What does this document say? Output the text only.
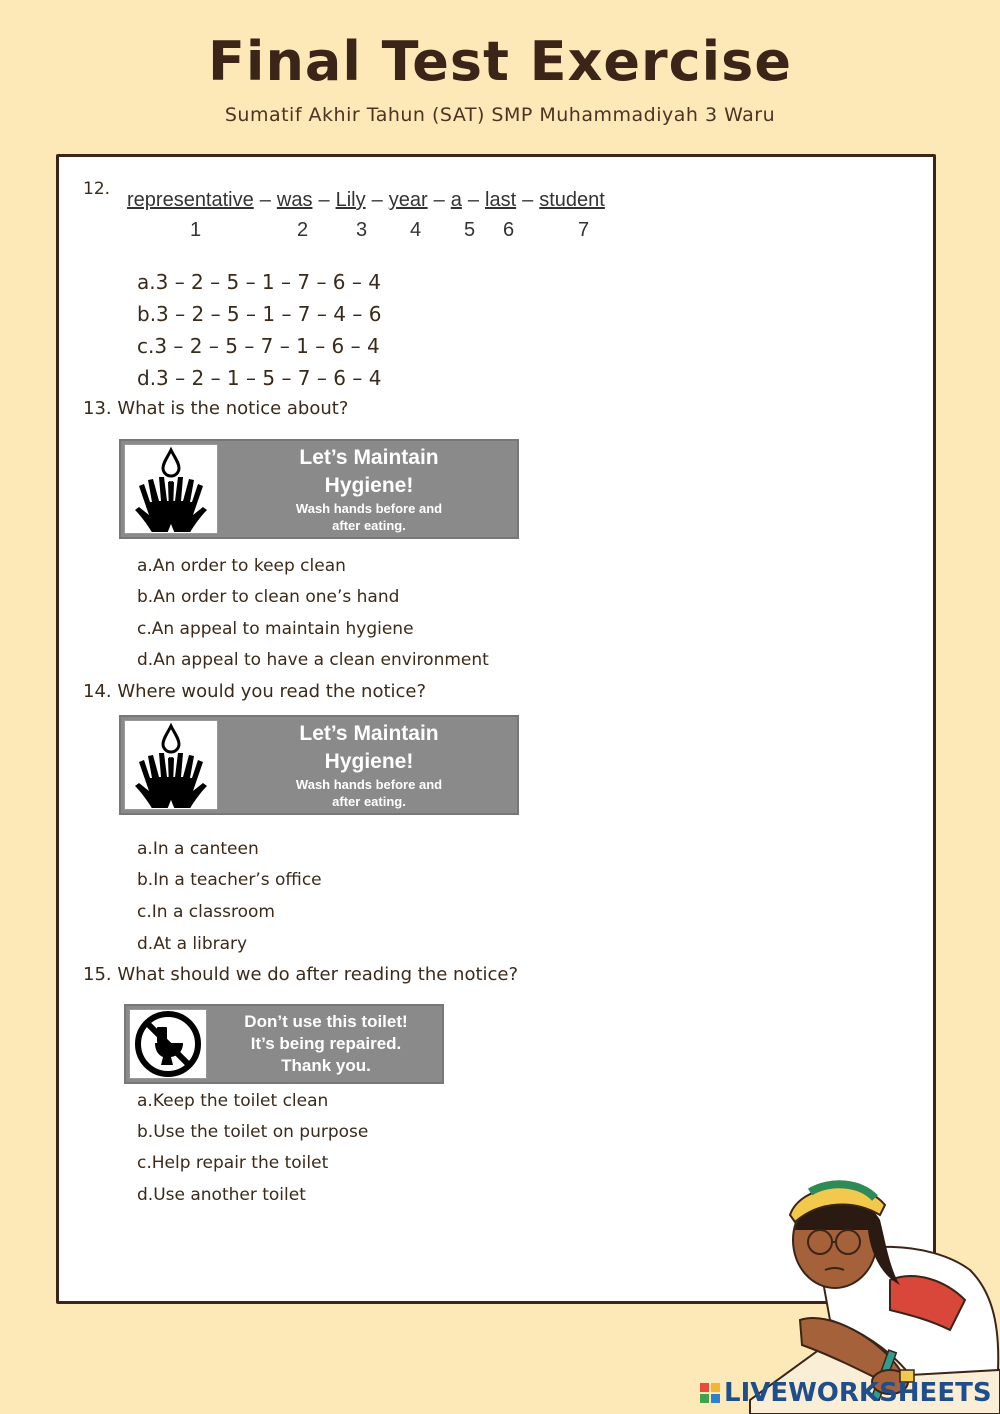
Final Test Exercise
Sumatif Akhir Tahun (SAT) SMP Muhammadiyah 3 Waru
12. representative – was – Lily – year – a – last – student
1	2 3 4 5 6	7
a.3 – 2 – 5 – 1 – 7 – 6 – 4
b.3 – 2 – 5 – 1 – 7 – 4 – 6
c.3 – 2 – 5 – 7 – 1 – 6 – 4
d.3 – 2 – 1 – 5 – 7 – 6 – 4
13. What is the notice about?
Let’s Maintain
Hygiene!
Wash hands before and
after eating.
a.An order to keep clean
b.An order to clean one’s hand
c.An appeal to maintain hygiene
d.An appeal to have a clean environment
14. Where would you read the notice?
Let’s Maintain
Hygiene!
Wash hands before and
after eating.
a.In a canteen
b.In a teacher’s office
c.In a classroom
d.At a library
15. What should we do after reading the notice?
Don’t use this toilet!
It’s being repaired.
Thank you.
a.Keep the toilet clean
b.Use the toilet on purpose
c.Help repair the toilet
d.Use another toilet
LIVEWORKSHEETS
